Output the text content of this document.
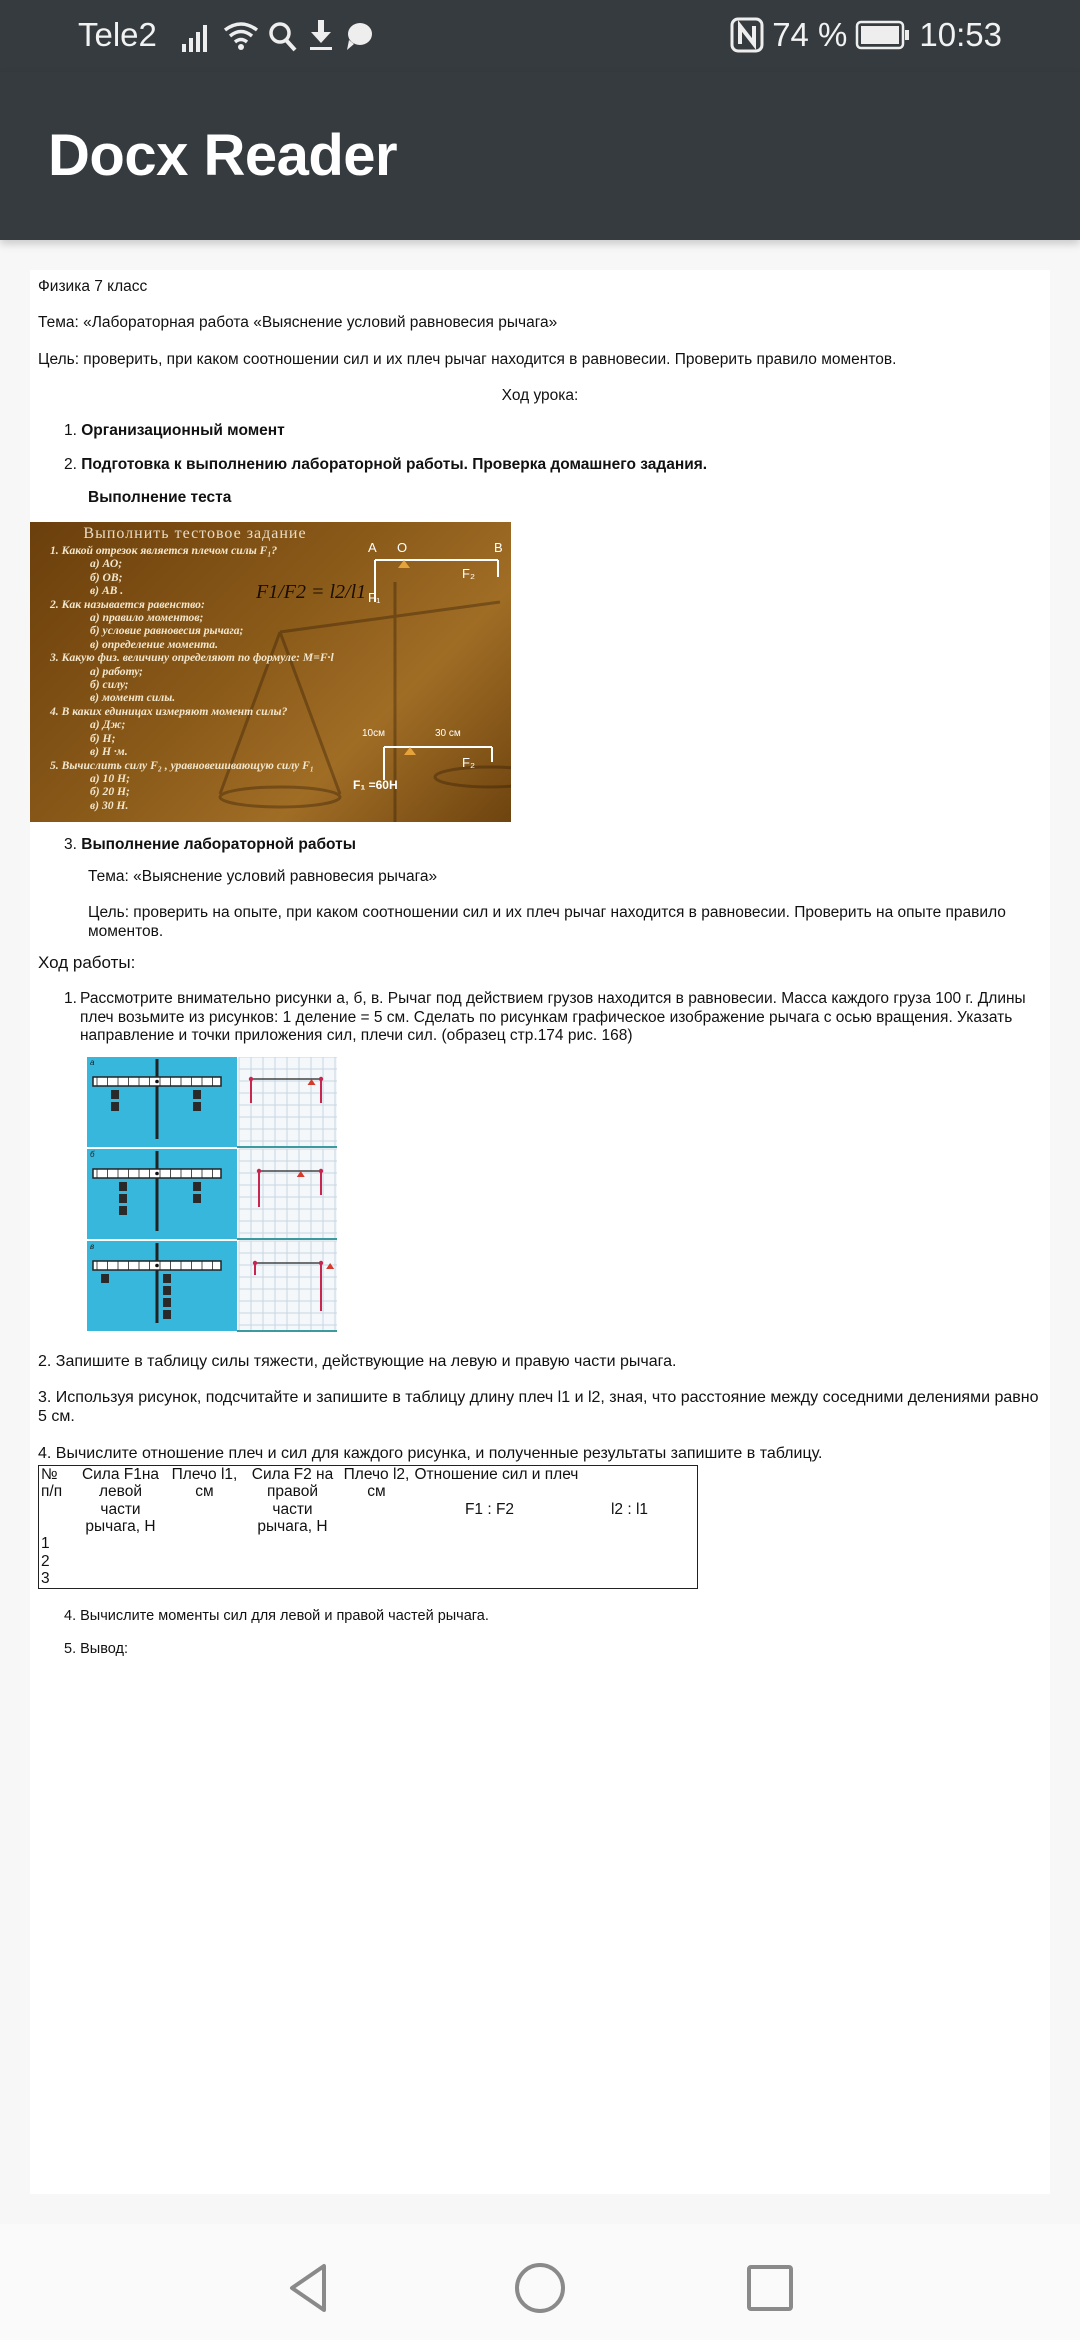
Tele2	74 % 10:53
Docx Reader

Физика 7 класс

Тема: «Лабораторная работа «Выяснение условий равновесия рычага»

Цель: проверить, при каком соотношении сил и их плеч рычаг находится в равновесии. Проверить правило моментов.

Ход урока:

1. Организационный момент
2. Подготовка к выполнению лабораторной работы. Проверка домашнего задания.

Выполнение теста

Выполнить тестовое задание
1. Какой отрезок является плечом силы F₁?
а) АО;
б) ОВ;
в) АВ .
2. Как называется равенство:
а) правило моментов;
б) условие равновесия рычага;
в) определение момента.
3. Какую физ. величину определяют по формуле: M=F·l
а) работу;
б) силу;
в) момент силы.
4. В каких единицах измеряют момент силы?
а) Дж;
б) Н;
в) Н ·м.
5. Вычислить силу F₂ , уравновешивающую силу F₁
а) 10 Н;
б) 20 Н;
в) 30 Н.
F1/F2 = l2/l1
A O	B
F₁
F₂
10см	30 см
F₂
F₁ =60H
3. Выполнение лабораторной работы

Тема: «Выяснение условий равновесия рычага»

Цель: проверить на опыте, при каком соотношении сил и их плеч рычаг находится в равновесии. Проверить на опыте правило моментов.

Ход работы:

1. Рассмотрите внимательно рисунки а, б, в. Рычаг под действием грузов находится в равновесии. Масса каждого груза 100 г. Длины плеч возьмите из рисунков: 1 деление = 5 см. Сделать по рисункам графическое изображение рычага с осью вращения. Указать направление и точки приложения сил, плечи сил. (образец стр.174 рис. 168)
а
б
в

2. Запишите в таблицу силы тяжести, действующие на левую и правую части рычага.

3. Используя рисунок, подсчитайте и запишите в таблицу длину плеч l1 и l2, зная, что расстояние между соседними делениями равно 5 см.

4. Вычислите отношение плеч и сил для каждого рисунка, и полученные результаты запишите в таблицу.

№ п/п	Сила F1на левой части рычага, Н	Плечо l1, см	Сила F2 на правой части рычага, Н	Плечо l2, см	Отношение сил и плеч
F1 : F2 l2 : l1

1					
2					
3					

4. Вычислите моменты сил для левой и правой частей рычага.

5. Вывод:
